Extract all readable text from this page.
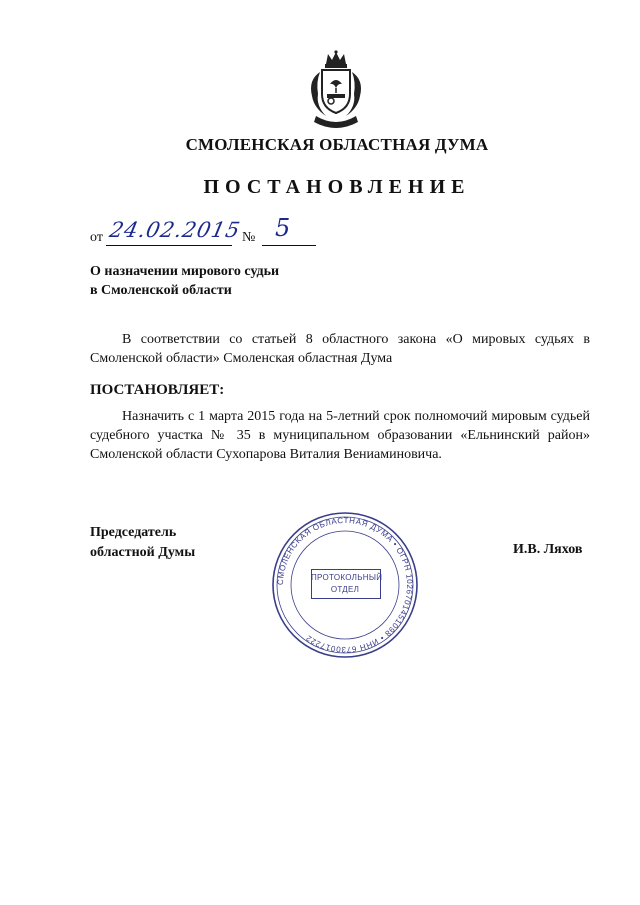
СМОЛЕНСКАЯ ОБЛАСТНАЯ ДУМА
ПОСТАНОВЛЕНИЕ
от 24.02.2015 № 5
О назначении мирового судьи
в Смоленской области

В соответствии со статьей 8 областного закона «О мировых судьях в Смоленской области» Смоленская областная Дума

ПОСТАНОВЛЯЕТ:

Назначить с 1 марта 2015 года на 5-летний срок полномочий мировым судьей судебного участка № 35 в муниципальном образовании «Ельнинский район» Смоленской области Сухопарова Виталия Вениаминовича.

Председатель
областной Думы	И.В. Ляхов
СМОЛЕНСКАЯ ОБЛАСТНАЯ ДУМА • ОГРН 1026701451098 • ИНН 6730017222
ПРОТОКОЛЬНЫЙ
ОТДЕЛ
